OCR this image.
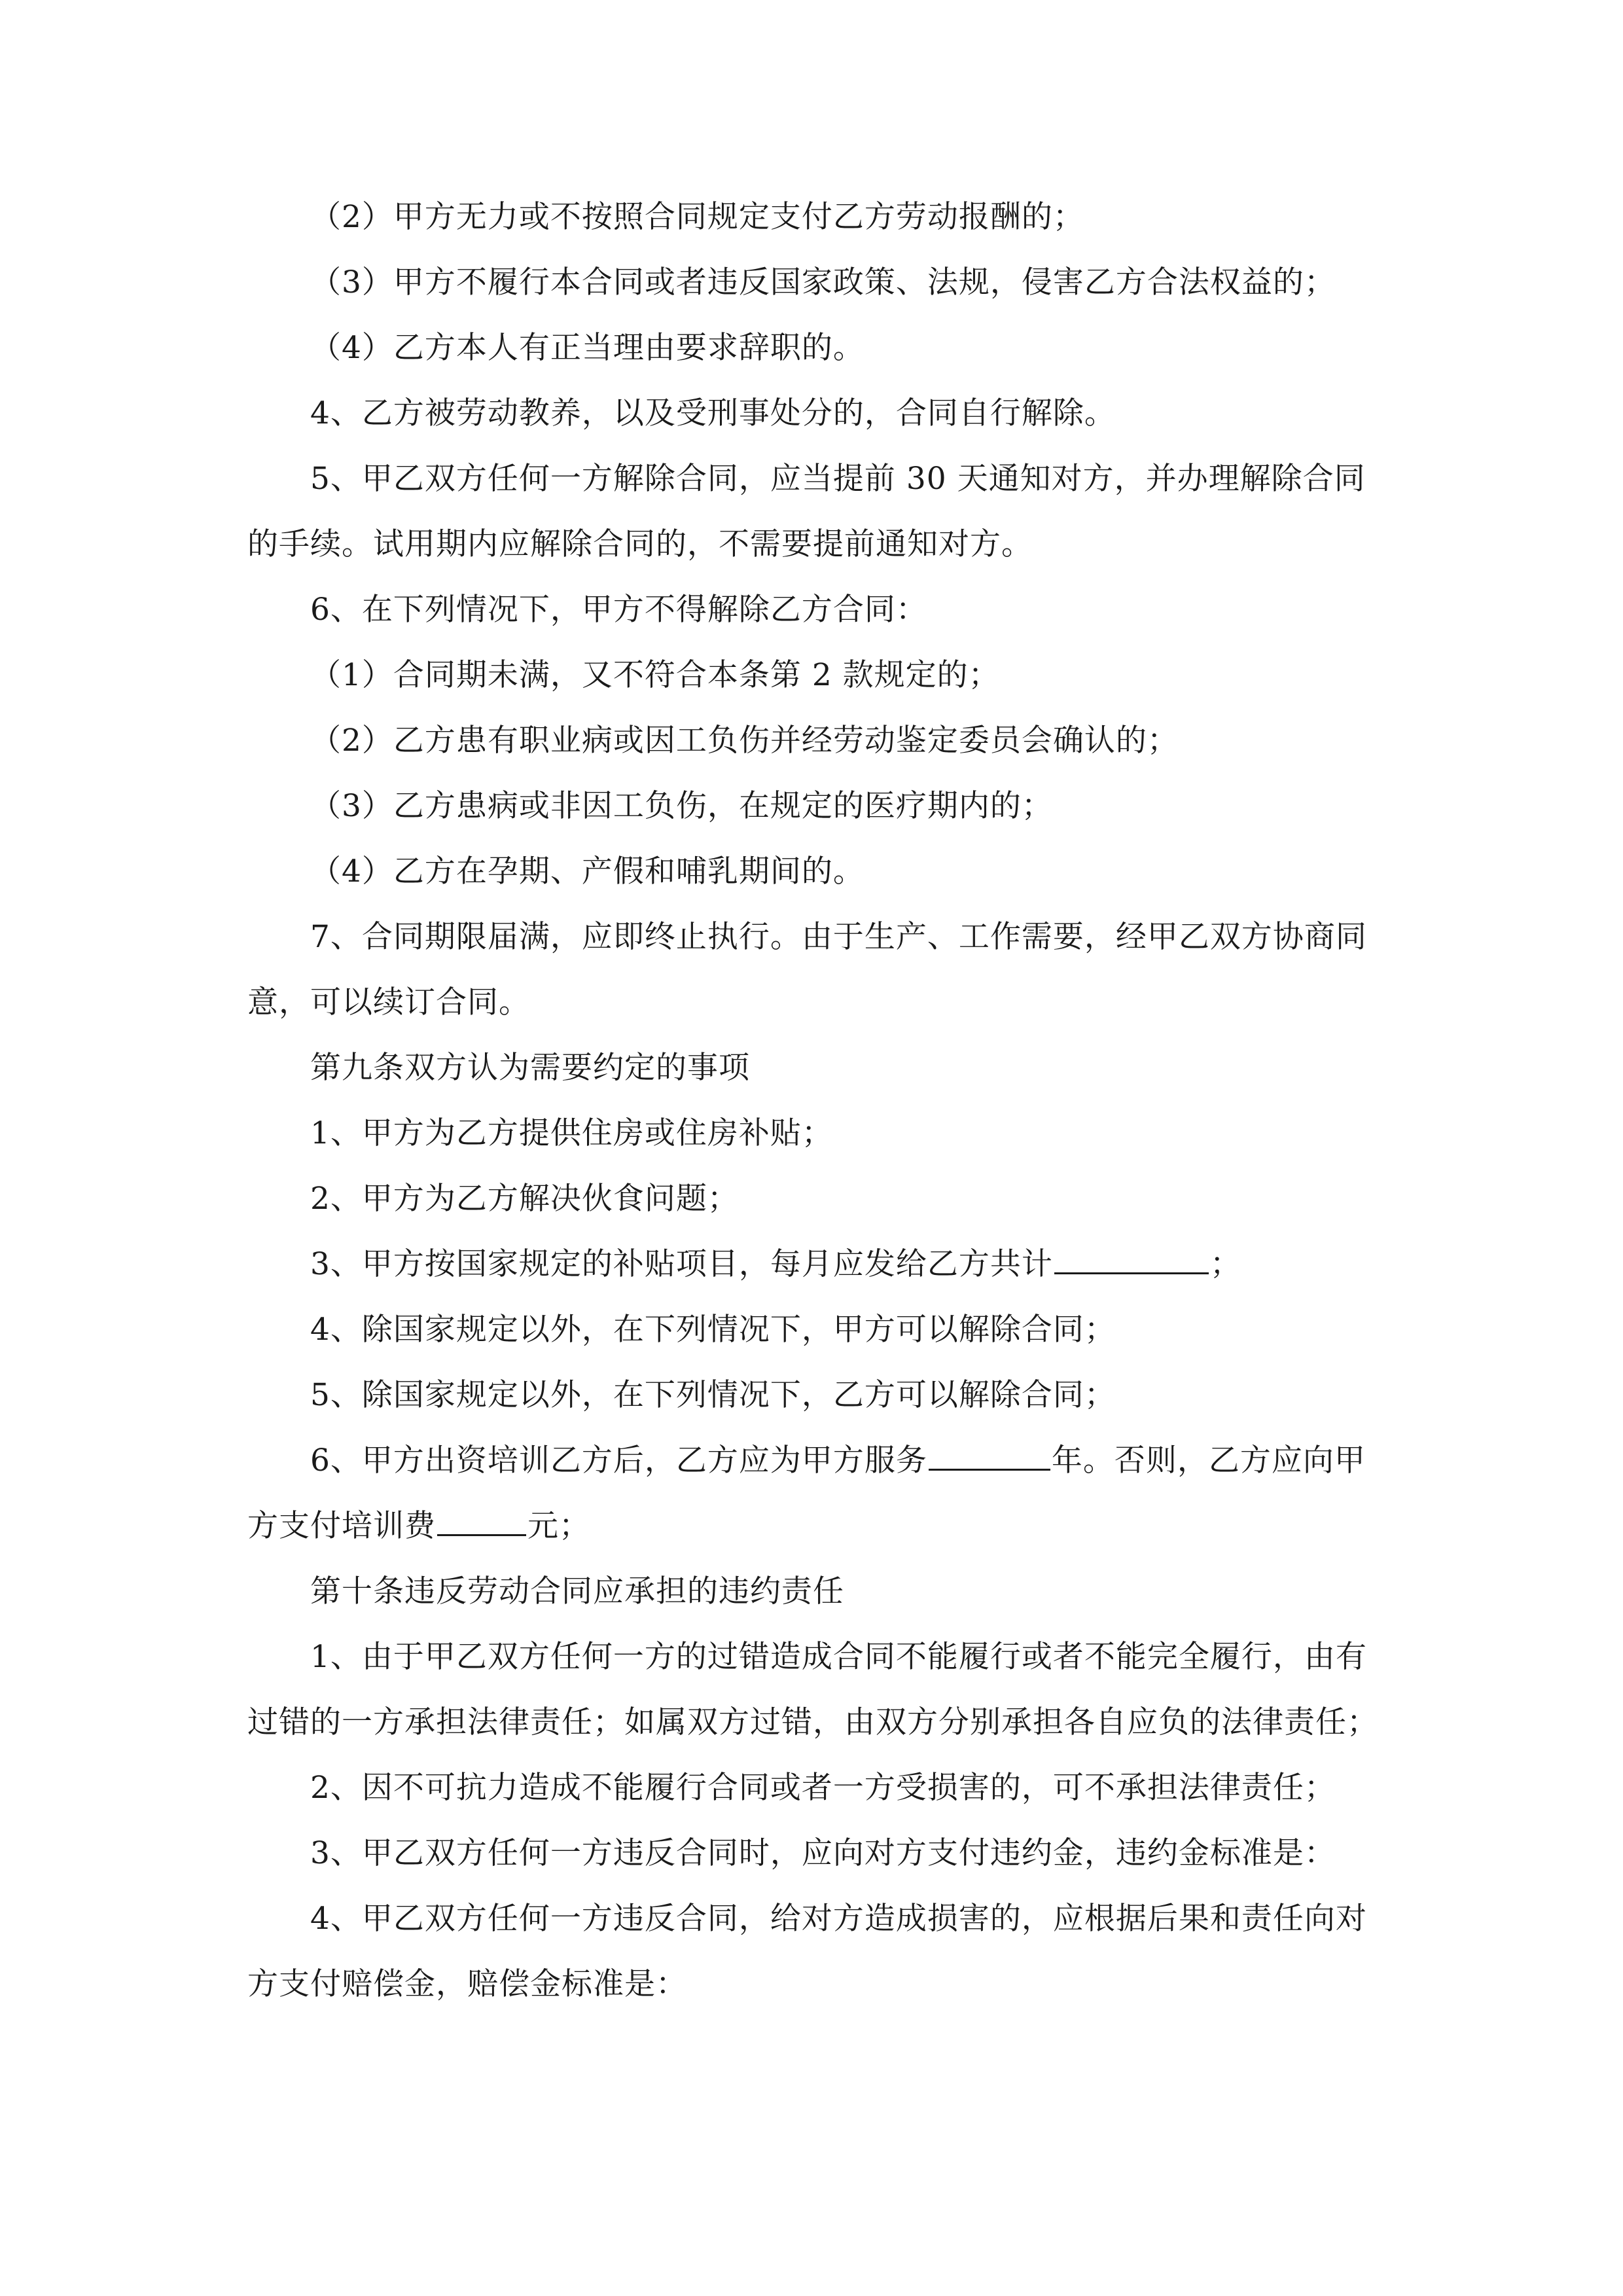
（2）甲方无力或不按照合同规定支付乙方劳动报酬的；

（3）甲方不履行本合同或者违反国家政策、法规，侵害乙方合法权益的；

（4）乙方本人有正当理由要求辞职的。

4、乙方被劳动教养，以及受刑事处分的，合同自行解除。

5、甲乙双方任何一方解除合同，应当提前 30 天通知对方，并办理解除合同的手续。试用期内应解除合同的，不需要提前通知对方。

6、在下列情况下，甲方不得解除乙方合同：

（1）合同期未满，又不符合本条第 2 款规定的；

（2）乙方患有职业病或因工负伤并经劳动鉴定委员会确认的；

（3）乙方患病或非因工负伤，在规定的医疗期内的；

（4）乙方在孕期、产假和哺乳期间的。

7、合同期限届满，应即终止执行。由于生产、工作需要，经甲乙双方协商同意，可以续订合同。

第九条双方认为需要约定的事项

1、甲方为乙方提供住房或住房补贴；

2、甲方为乙方解决伙食问题；

3、甲方按国家规定的补贴项目，每月应发给乙方共计	；

4、除国家规定以外，在下列情况下，甲方可以解除合同；

5、除国家规定以外，在下列情况下，乙方可以解除合同；

6、甲方出资培训乙方后，乙方应为甲方服务	年。否则，乙方应向甲方支付培训费	元；

第十条违反劳动合同应承担的违约责任

1、由于甲乙双方任何一方的过错造成合同不能履行或者不能完全履行，由有过错的一方承担法律责任；如属双方过错，由双方分别承担各自应负的法律责任；

2、因不可抗力造成不能履行合同或者一方受损害的，可不承担法律责任；

3、甲乙双方任何一方违反合同时，应向对方支付违约金，违约金标准是：

4、甲乙双方任何一方违反合同，给对方造成损害的，应根据后果和责任向对方支付赔偿金，赔偿金标准是：
